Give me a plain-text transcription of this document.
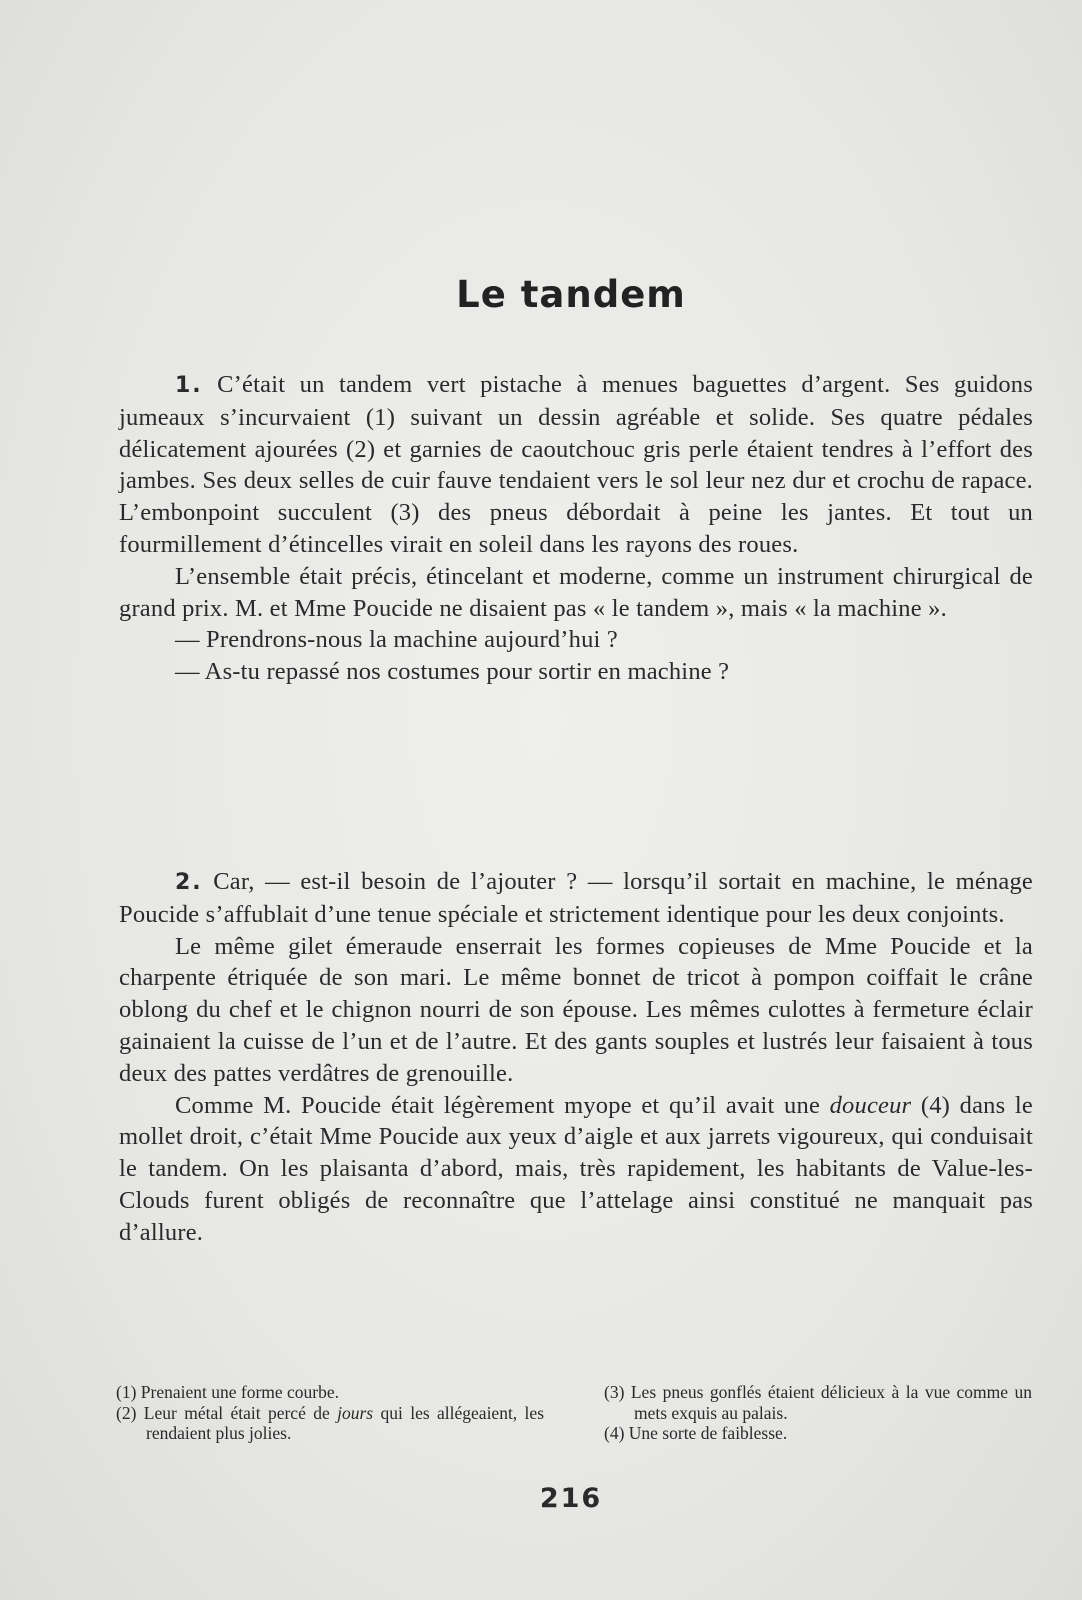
Le tandem

1. C’était un tandem vert pistache à menues baguettes d’argent. Ses guidons jumeaux s’incurvaient (1) suivant un dessin agréable et solide. Ses quatre pédales délicatement ajourées (2) et garnies de caoutchouc gris perle étaient tendres à l’effort des jambes. Ses deux selles de cuir fauve tendaient vers le sol leur nez dur et crochu de rapace. L’embonpoint succulent (3) des pneus débordait à peine les jantes. Et tout un fourmillement d’étincelles virait en soleil dans les rayons des roues.

L’ensemble était précis, étincelant et moderne, comme un instrument chirurgical de grand prix. M. et Mme Poucide ne disaient pas « le tandem », mais « la machine ».

— Prendrons-nous la machine aujourd’hui ?

— As-tu repassé nos costumes pour sortir en machine ?

2. Car, — est-il besoin de l’ajouter ? — lorsqu’il sortait en machine, le ménage Poucide s’affublait d’une tenue spéciale et strictement identique pour les deux conjoints.

Le même gilet émeraude enserrait les formes copieuses de Mme Poucide et la charpente étriquée de son mari. Le même bonnet de tricot à pompon coiffait le crâne oblong du chef et le chignon nourri de son épouse. Les mêmes culottes à fermeture éclair gainaient la cuisse de l’un et de l’autre. Et des gants souples et lustrés leur faisaient à tous deux des pattes verdâtres de grenouille.

Comme M. Poucide était légèrement myope et qu’il avait une douceur (4) dans le mollet droit, c’était Mme Poucide aux yeux d’aigle et aux jarrets vigoureux, qui conduisait le tandem. On les plaisanta d’abord, mais, très rapidement, les habitants de Value-les-Clouds furent obligés de reconnaître que l’attelage ainsi constitué ne manquait pas d’allure.

(1) Prenaient une forme courbe.

(2) Leur métal était percé de jours qui les allégeaient, les rendaient plus jolies.

(3) Les pneus gonflés étaient délicieux à la vue comme un mets exquis au palais.

(4) Une sorte de faiblesse.

216
